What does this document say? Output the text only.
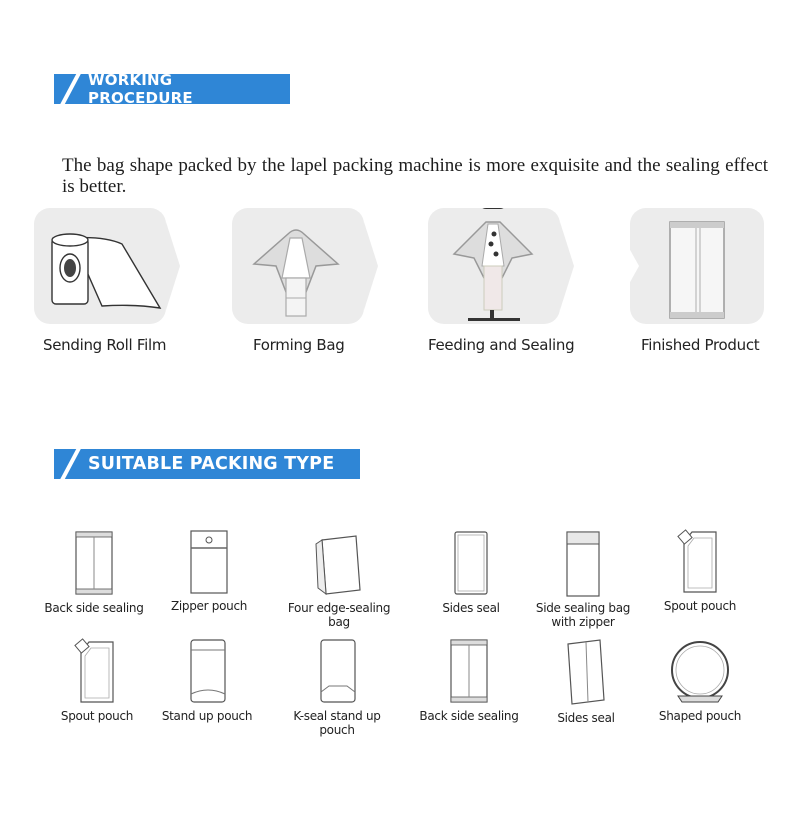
WORKING PROCEDURE
The bag shape packed by the lapel packing machine is more exquisite and the sealing effect is better.
Sending Roll Film	Forming Bag	Feeding and Sealing	Finished Product
SUITABLE PACKING TYPE
Back side sealing	Zipper pouch	Four edge-sealing bag
Sides seal	Side sealing bag
with zipper
Spout pouch
Spout pouch	Stand up pouch	K-seal stand up pouch
Back side sealing	Sides seal	Shaped pouch
